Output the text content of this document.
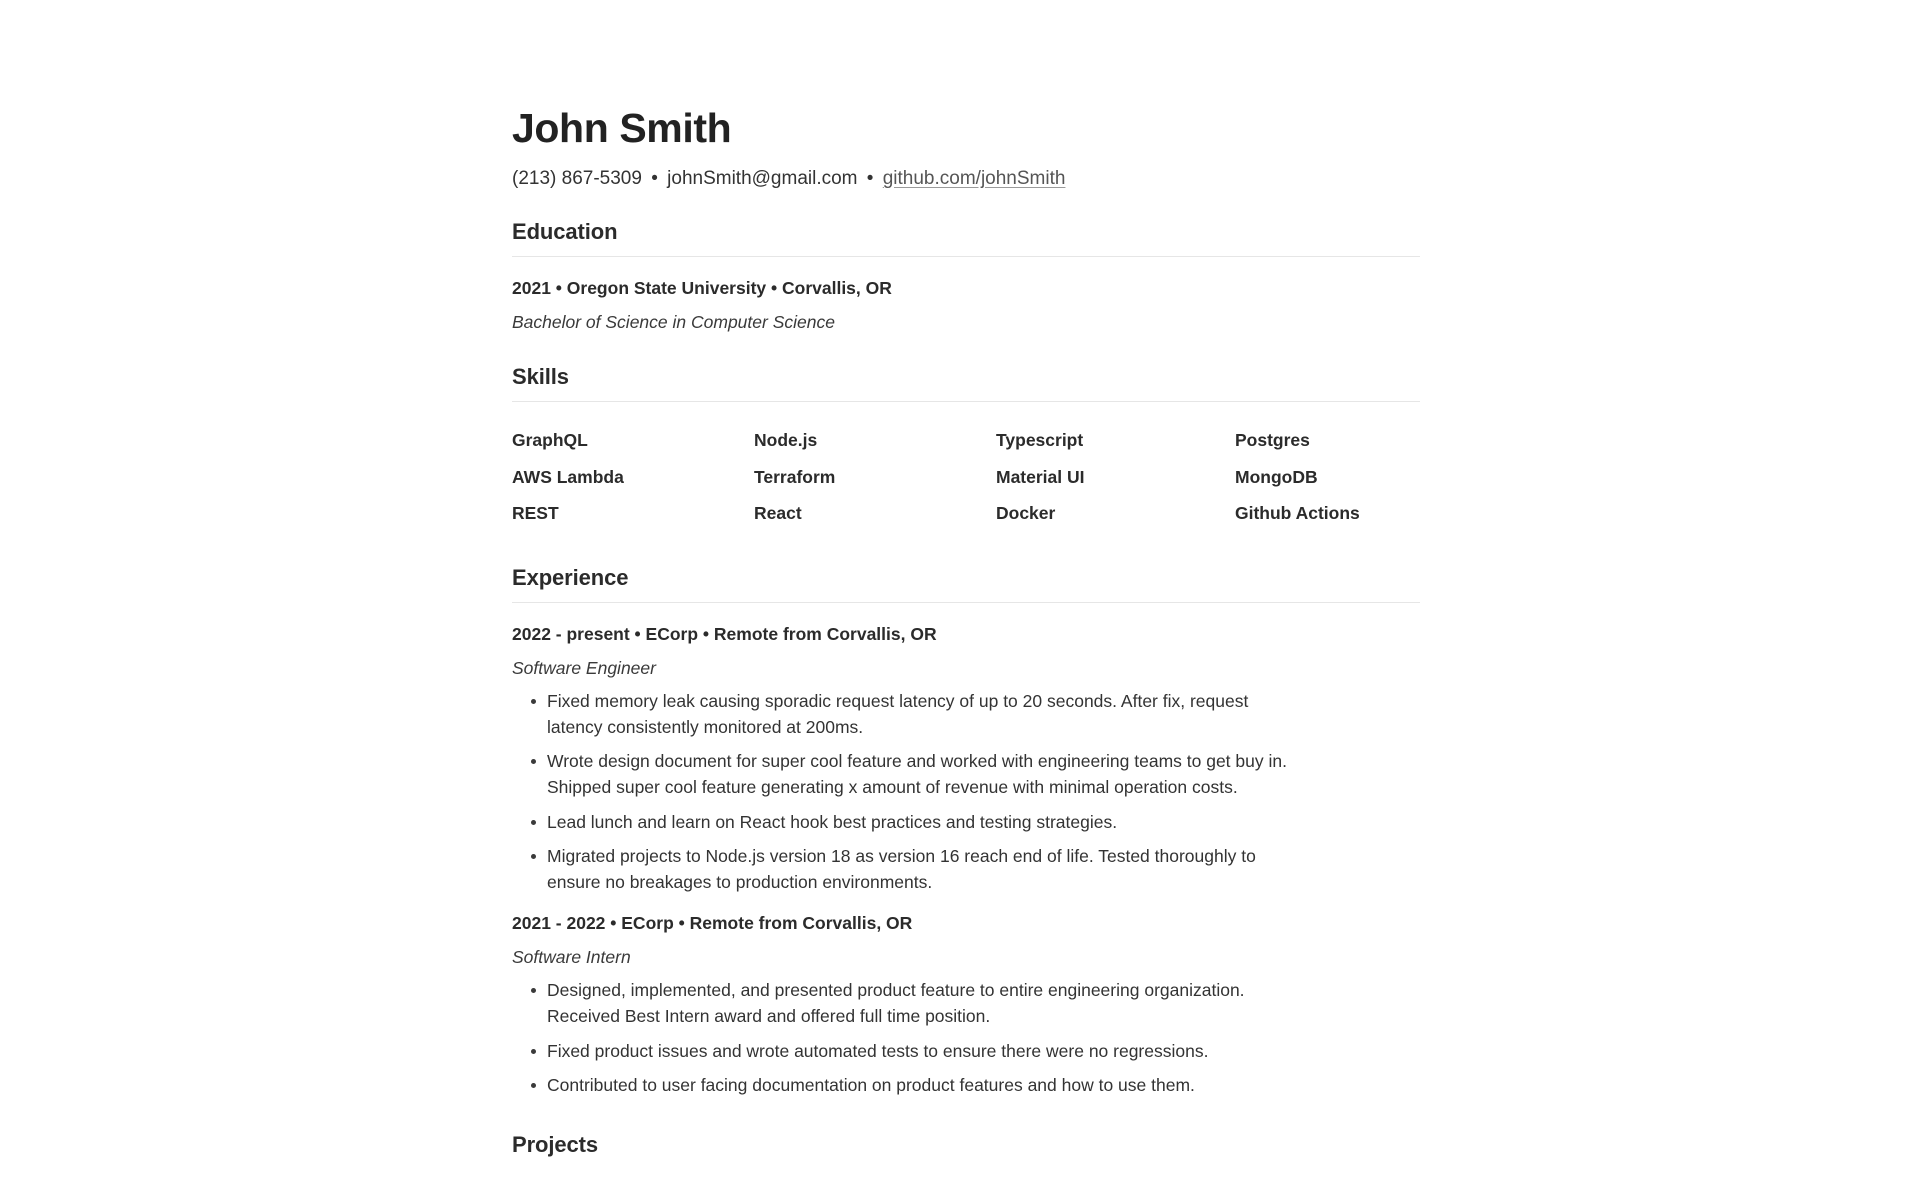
John Smith
(213) 867-5309 • johnSmith@gmail.com • github.com/johnSmith
Education
2021 • Oregon State University • Corvallis, OR
Bachelor of Science in Computer Science
Skills
GraphQL	Node.js	Typescript	Postgres
AWS Lambda	Terraform	Material UI	MongoDB
REST	React	Docker	Github Actions
Experience
2022 - present • ECorp • Remote from Corvallis, OR
Software Engineer
Fixed memory leak causing sporadic request latency of up to 20 seconds. After fix, request latency consistently monitored at 200ms.
Wrote design document for super cool feature and worked with engineering teams to get buy in. Shipped super cool feature generating x amount of revenue with minimal operation costs.
Lead lunch and learn on React hook best practices and testing strategies.
Migrated projects to Node.js version 18 as version 16 reach end of life. Tested thoroughly to ensure no breakages to production environments.
2021 - 2022 • ECorp • Remote from Corvallis, OR
Software Intern
Designed, implemented, and presented product feature to entire engineering organization. Received Best Intern award and offered full time position.
Fixed product issues and wrote automated tests to ensure there were no regressions.
Contributed to user facing documentation on product features and how to use them.
Projects
